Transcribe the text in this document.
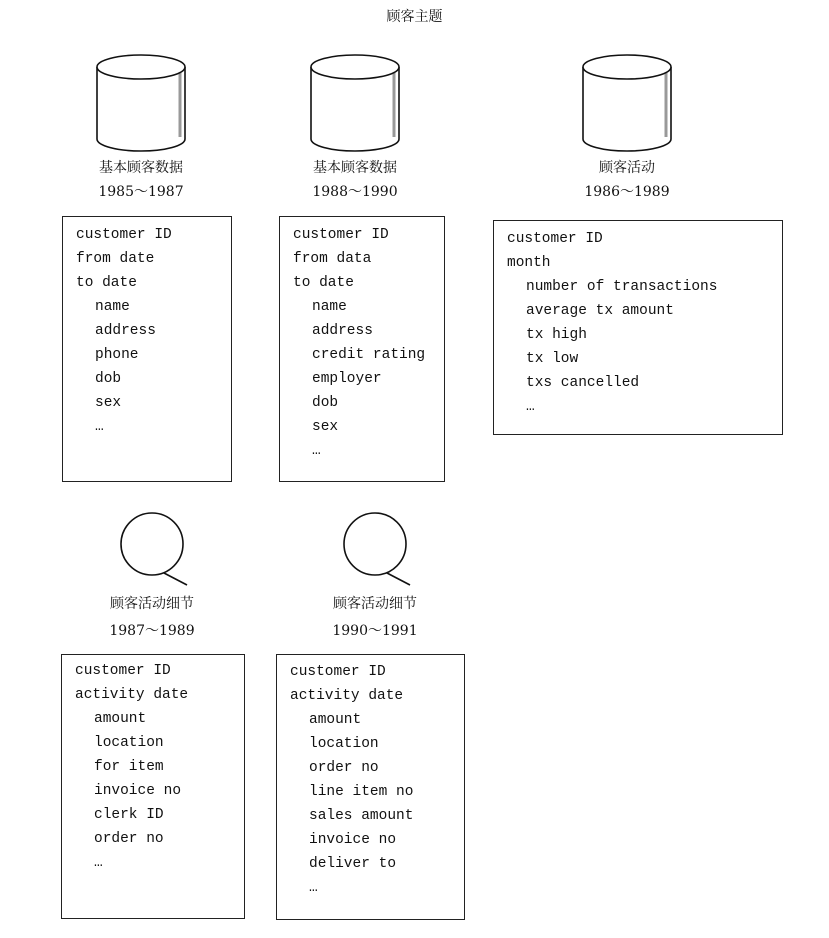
顾客主题
基本顾客数据
1985～1987
customer ID
from date
to date
name
address
phone
dob
sex
…
基本顾客数据
1988～1990
customer ID
from data
to date
name
address
credit rating
employer
dob
sex
…
顾客活动
1986～1989
customer ID
month
number of transactions
average tx amount
tx high
tx low
txs cancelled
…
顾客活动细节
1987～1989
customer ID
activity date
amount
location
for item
invoice no
clerk ID
order no
…
顾客活动细节
1990～1991
customer ID
activity date
amount
location
order no
line item no
sales amount
invoice no
deliver to
…
